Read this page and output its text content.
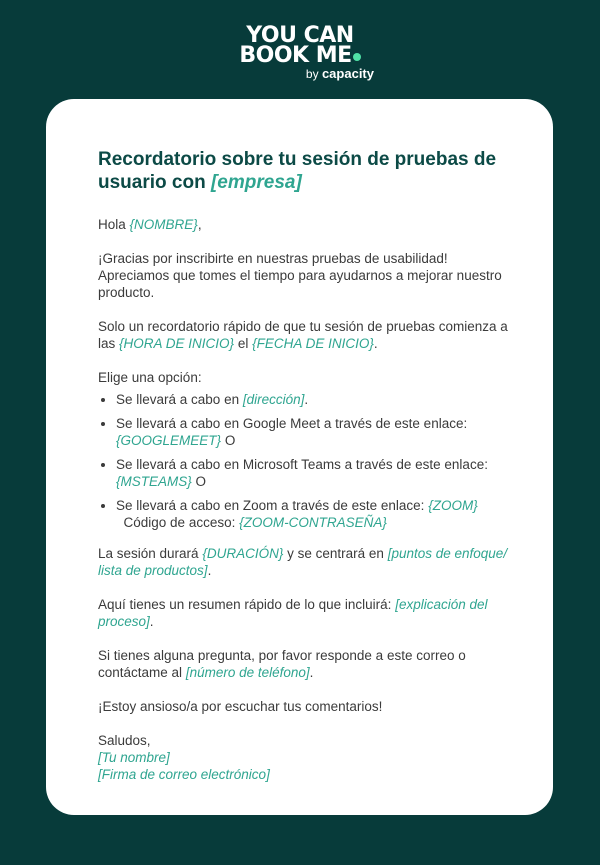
YOU CAN
BOOK ME
by capacity
Recordatorio sobre tu sesión de pruebas de usuario con [empresa]

Hola {NOMBRE},

¡Gracias por inscribirte en nuestras pruebas de usabilidad! Apreciamos que tomes el tiempo para ayudarnos a mejorar nuestro producto.

Solo un recordatorio rápido de que tu sesión de pruebas comienza a las {HORA DE INICIO} el {FECHA DE INICIO}.

Elige una opción:

• Se llevará a cabo en [dirección].
• Se llevará a cabo en Google Meet a través de este enlace: {GOOGLEMEET} O
• Se llevará a cabo en Microsoft Teams a través de este enlace: {MSTEAMS} O
• Se llevará a cabo en Zoom a través de este enlace: {ZOOM}
Código de acceso: {ZOOM-CONTRASEÑA}

La sesión durará {DURACIÓN} y se centrará en [puntos de enfoque/ lista de productos].

Aquí tienes un resumen rápido de lo que incluirá: [explicación del proceso].

Si tienes alguna pregunta, por favor responde a este correo o contáctame al [número de teléfono].

¡Estoy ansioso/a por escuchar tus comentarios!

Saludos,
[Tu nombre]
[Firma de correo electrónico]
